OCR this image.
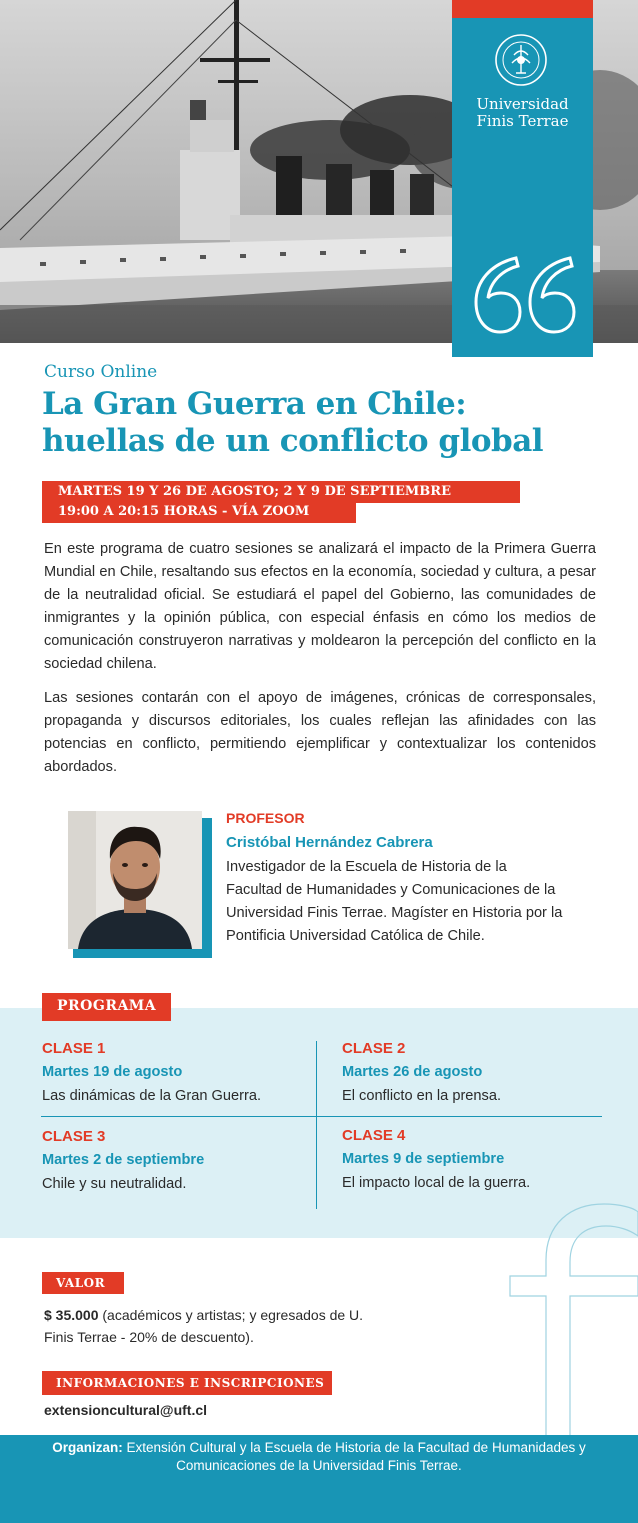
Universidad
Finis Terrae
Curso Online
La Gran Guerra en Chile:
huellas de un conflicto global
MARTES 19 Y 26 DE AGOSTO; 2 Y 9 DE SEPTIEMBRE
19:00 A 20:15 HORAS - VÍA ZOOM

En este programa de cuatro sesiones se analizará el impacto de la Primera Guerra Mundial en Chile, resaltando sus efectos en la economía, sociedad y cultura, a pesar de la neutralidad oficial. Se estudiará el papel del Gobierno, las comunidades de inmigrantes y la opinión pública, con especial énfasis en cómo los medios de comunicación construyeron narrativas y moldearon la percepción del conflicto en la sociedad chilena.

Las sesiones contarán con el apoyo de imágenes, crónicas de corresponsales, propaganda y discursos editoriales, los cuales reflejan las afinidades con las potencias en conflicto, permitiendo ejemplificar y contextualizar los contenidos abordados.

PROFESOR
Cristóbal Hernández Cabrera

Investigador de la Escuela de Historia de la Facultad de Humanidades y Comunicaciones de la Universidad Finis Terrae. Magíster en Historia por la Pontificia Universidad Católica de Chile.

PROGRAMA
CLASE 1
Martes 19 de agosto
Las dinámicas de la Gran Guerra.
CLASE 2
Martes 26 de agosto
El conflicto en la prensa.
CLASE 3
Martes 2 de septiembre
Chile y su neutralidad.
CLASE 4
Martes 9 de septiembre
El impacto local de la guerra.
VALOR

$ 35.000 (académicos y artistas; y egresados de U. Finis Terrae - 20% de descuento).

INFORMACIONES E INSCRIPCIONES
extensioncultural@uft.cl

Organizan: Extensión Cultural y la Escuela de Historia de la Facultad de Humanidades y Comunicaciones de la Universidad Finis Terrae.
